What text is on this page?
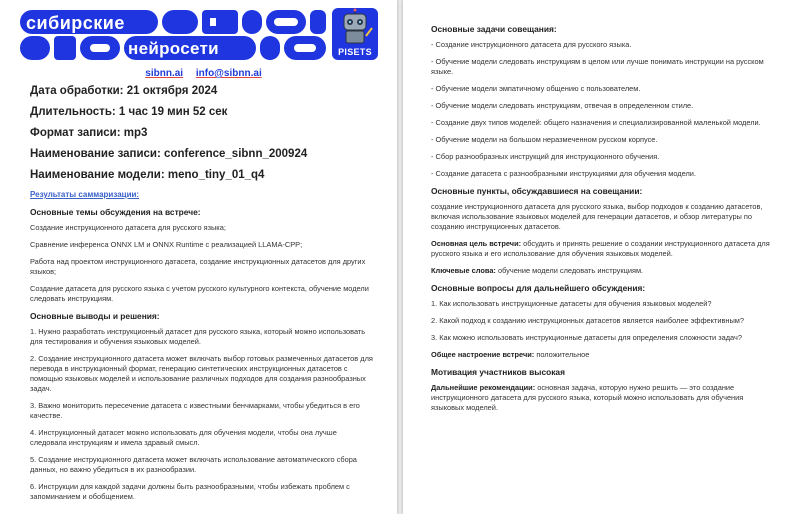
сибирские
нейросети	PISETS
sibnn.ai info@sibnn.ai
Дата обработки: 21 октября 2024
Длительность: 1 час 19 мин 52 сек
Формат записи: mp3
Наименование записи: conference_sibnn_200924
Наименование модели: meno_tiny_01_q4
Результаты саммаризации:
Основные темы обсуждения на встрече:
Создание инструкционного датасета для русского языка;
Сравнение инференса ONNX LM и ONNX Runtime с реализацией LLAMA-CPP;
Работа над проектом инструкционного датасета, создание инструкционных датасетов для других языков;
Создание датасета для русского языка с учетом русского культурного контекста, обучение модели следовать инструкциям.
Основные выводы и решения:
1. Нужно разработать инструкционный датасет для русского языка, который можно использовать для тестирования и обучения языковых моделей.
2. Создание инструкционного датасета может включать выбор готовых размеченных датасетов для перевода в инструкционный формат, генерацию синтетических инструкционных датасетов с помощью языковых моделей и использование различных подходов для создания разнообразных задач.
3. Важно мониторить пересечение датасета с известными бенчмарками, чтобы убедиться в его качестве.
4. Инструкционный датасет можно использовать для обучения модели, чтобы она лучше следовала инструкциям и имела здравый смысл.
5. Создание инструкционного датасета может включать использование автоматического сбора данных, но важно убедиться в их разнообразии.
6. Инструкции для каждой задачи должны быть разнообразными, чтобы избежать проблем с запоминанием и обобщением.
Основные задачи совещания:
- Создание инструкционного датасета для русского языка.
- Обучение модели следовать инструкциям в целом или лучше понимать инструкции на русском языке.
- Обучение модели эмпатичному общению с пользователем.
- Обучение модели следовать инструкциям, отвечая в определенном стиле.
- Создание двух типов моделей: общего назначения и специализированной маленькой модели.
- Обучение модели на большом неразмеченном русском корпусе.
- Сбор разнообразных инструкций для инструкционного обучения.
- Создание датасета с разнообразными инструкциями для обучения модели.
Основные пункты, обсуждавшиеся на совещании:
создание инструкционного датасета для русского языка, выбор подходов к созданию датасетов, включая использование языковых моделей для генерации датасетов, и обзор литературы по созданию инструкционных датасетов.
Основная цель встречи: обсудить и принять решение о создании инструкционного датасета для русского языка и его использование для обучения языковых моделей.
Ключевые слова: обучение модели следовать инструкциям.
Основные вопросы для дальнейшего обсуждения:
1. Как использовать инструкционные датасеты для обучения языковых моделей?
2. Какой подход к созданию инструкционных датасетов является наиболее эффективным?
3. Как можно использовать инструкционные датасеты для определения сложности задач?
Общее настроение встречи: положительное
Мотивация участников высокая
Дальнейшие рекомендации: основная задача, которую нужно решить — это создание инструкционного датасета для русского языка, который можно использовать для обучения языковых моделей.
